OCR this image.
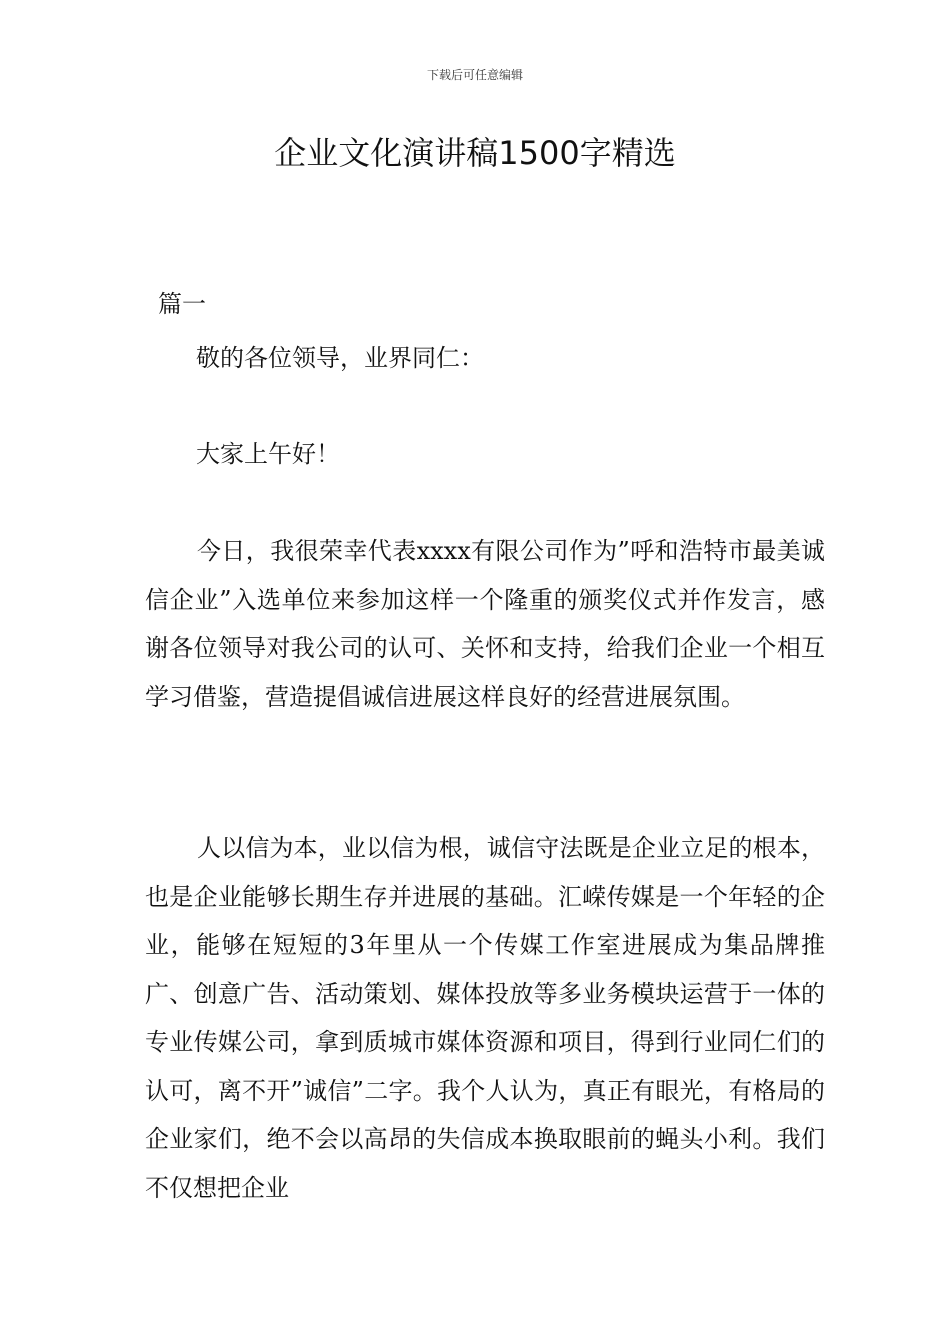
下载后可任意编辑
企业文化演讲稿1500字精选
篇一
敬的各位领导，业界同仁：
大家上午好！
今日，我很荣幸代表xxxx有限公司作为”呼和浩特市最美诚信企业”入选单位来参加这样一个隆重的颁奖仪式并作发言，感谢各位领导对我公司的认可、关怀和支持，给我们企业一个相互学习借鉴，营造提倡诚信进展这样良好的经营进展氛围。
人以信为本，业以信为根，诚信守法既是企业立足的根本，也是企业能够长期生存并进展的基础。汇嵘传媒是一个年轻的企业，能够在短短的3年里从一个传媒工作室进展成为集品牌推广、创意广告、活动策划、媒体投放等多业务模块运营于一体的专业传媒公司，拿到质城市媒体资源和项目，得到行业同仁们的认可，离不开”诚信”二字。我个人认为，真正有眼光，有格局的企业家们，绝不会以高昂的失信成本换取眼前的蝇头小利。我们不仅想把企业
